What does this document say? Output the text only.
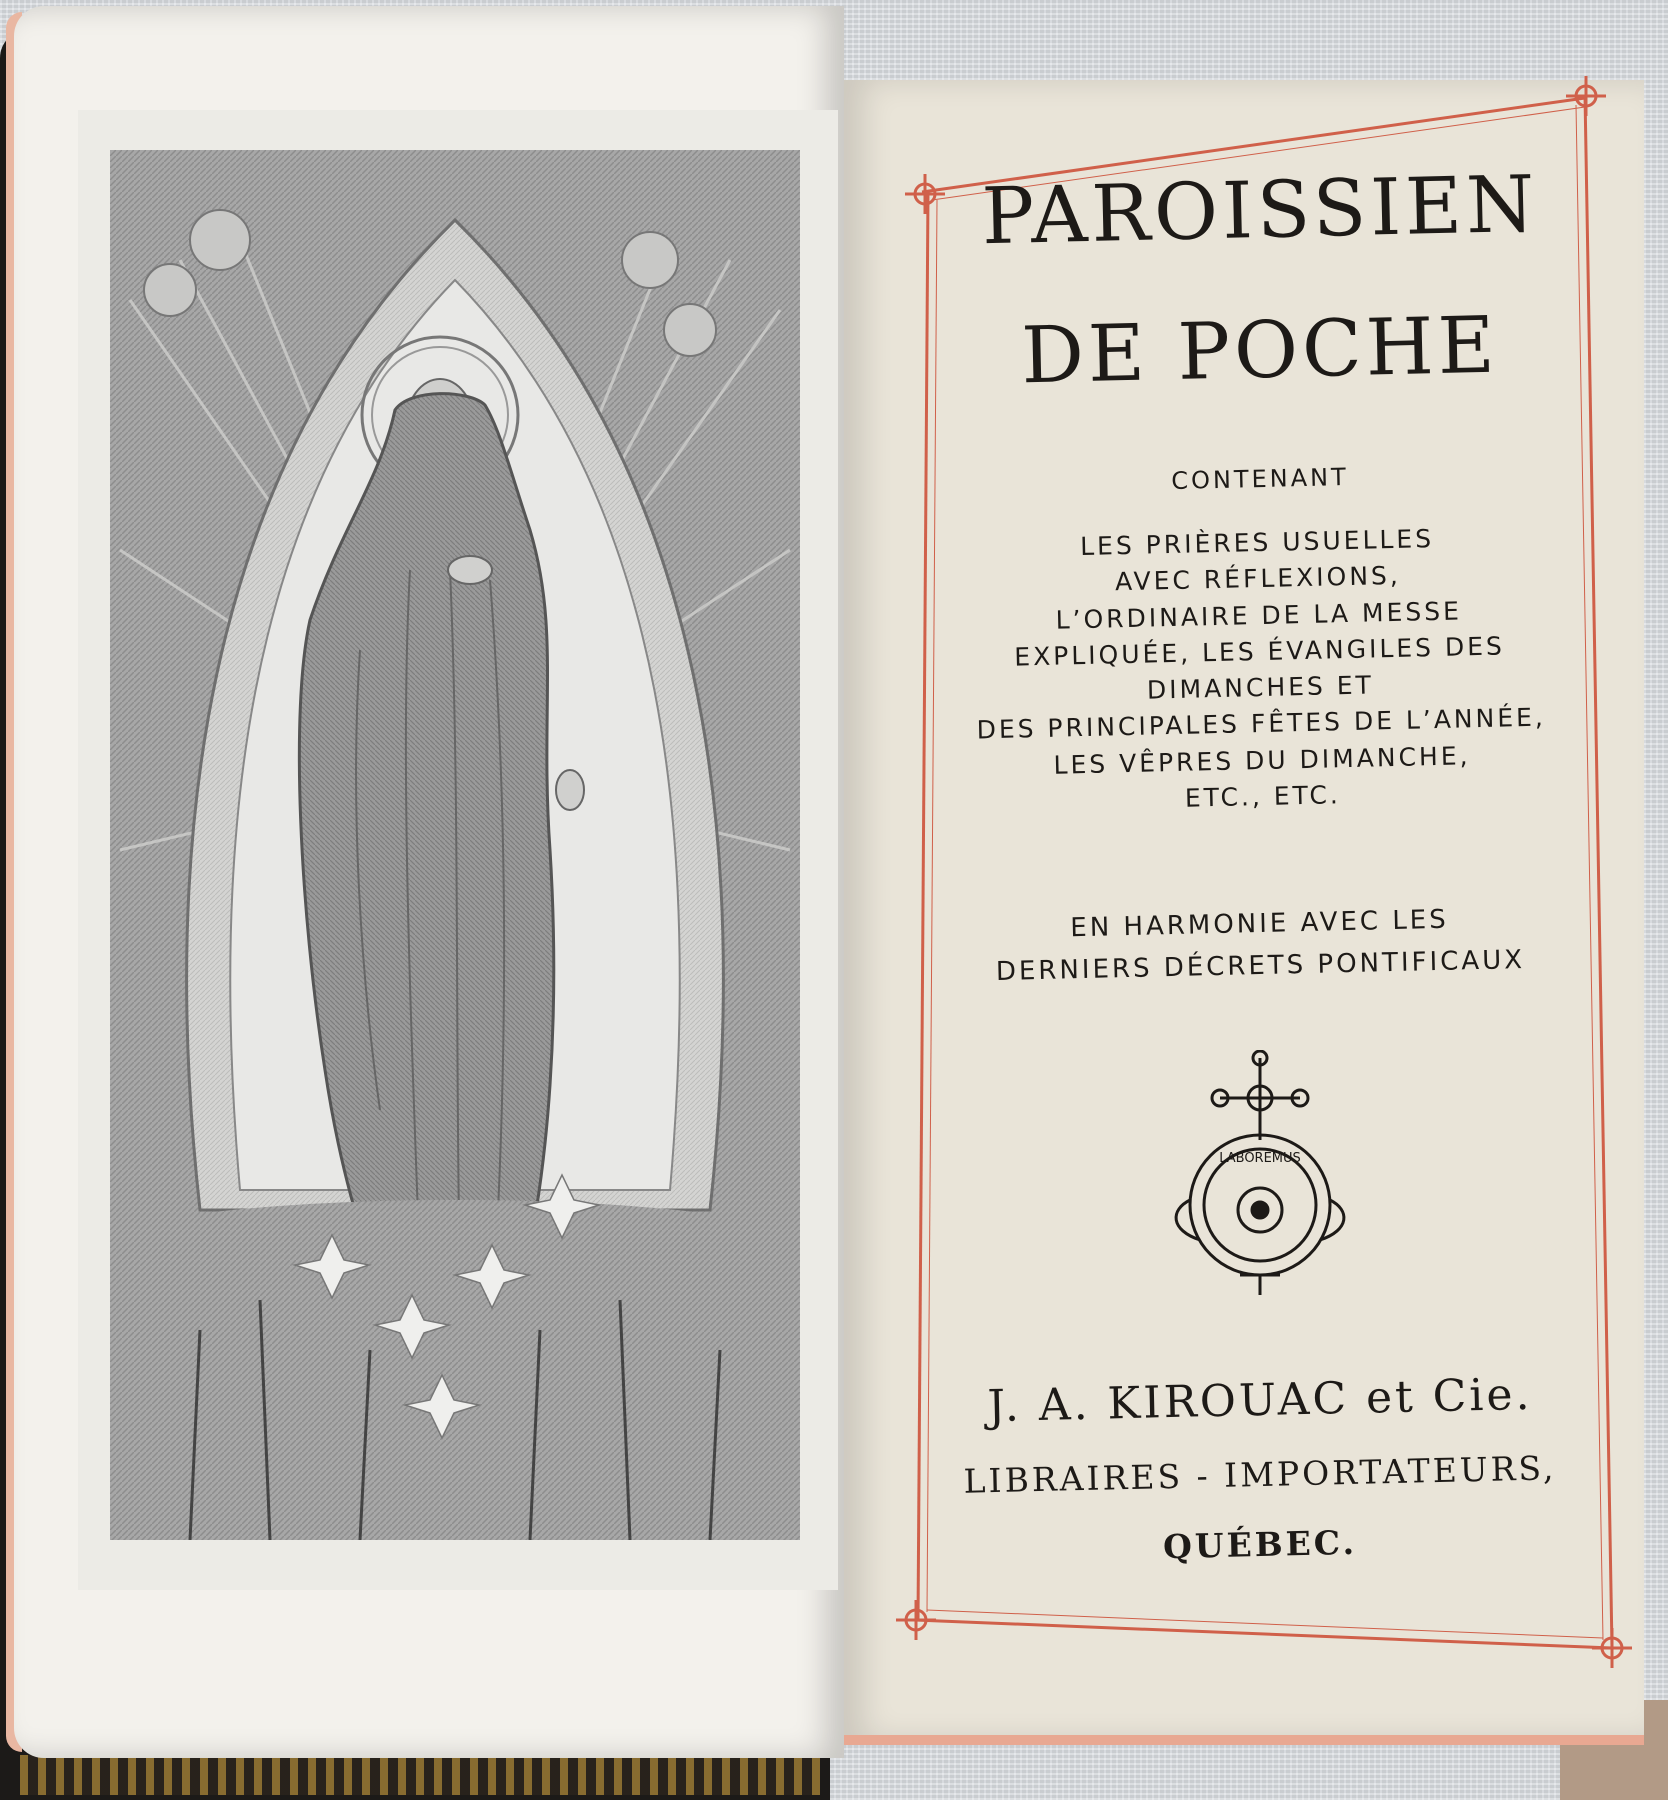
PAROISSIEN
DE POCHE
CONTENANT
LES PRIÈRES USUELLES
AVEC RÉFLEXIONS,
L’ORDINAIRE DE LA MESSE
EXPLIQUÉE, LES ÉVANGILES DES
DIMANCHES ET
DES PRINCIPALES FÊTES DE L’ANNÉE,
LES VÊPRES DU DIMANCHE,
ETC., ETC.
EN HARMONIE AVEC LES
DERNIERS DÉCRETS PONTIFICAUX
LABOREMUS
J. A. KIROUAC et Cie.
LIBRAIRES - IMPORTATEURS,
QUÉBEC.
